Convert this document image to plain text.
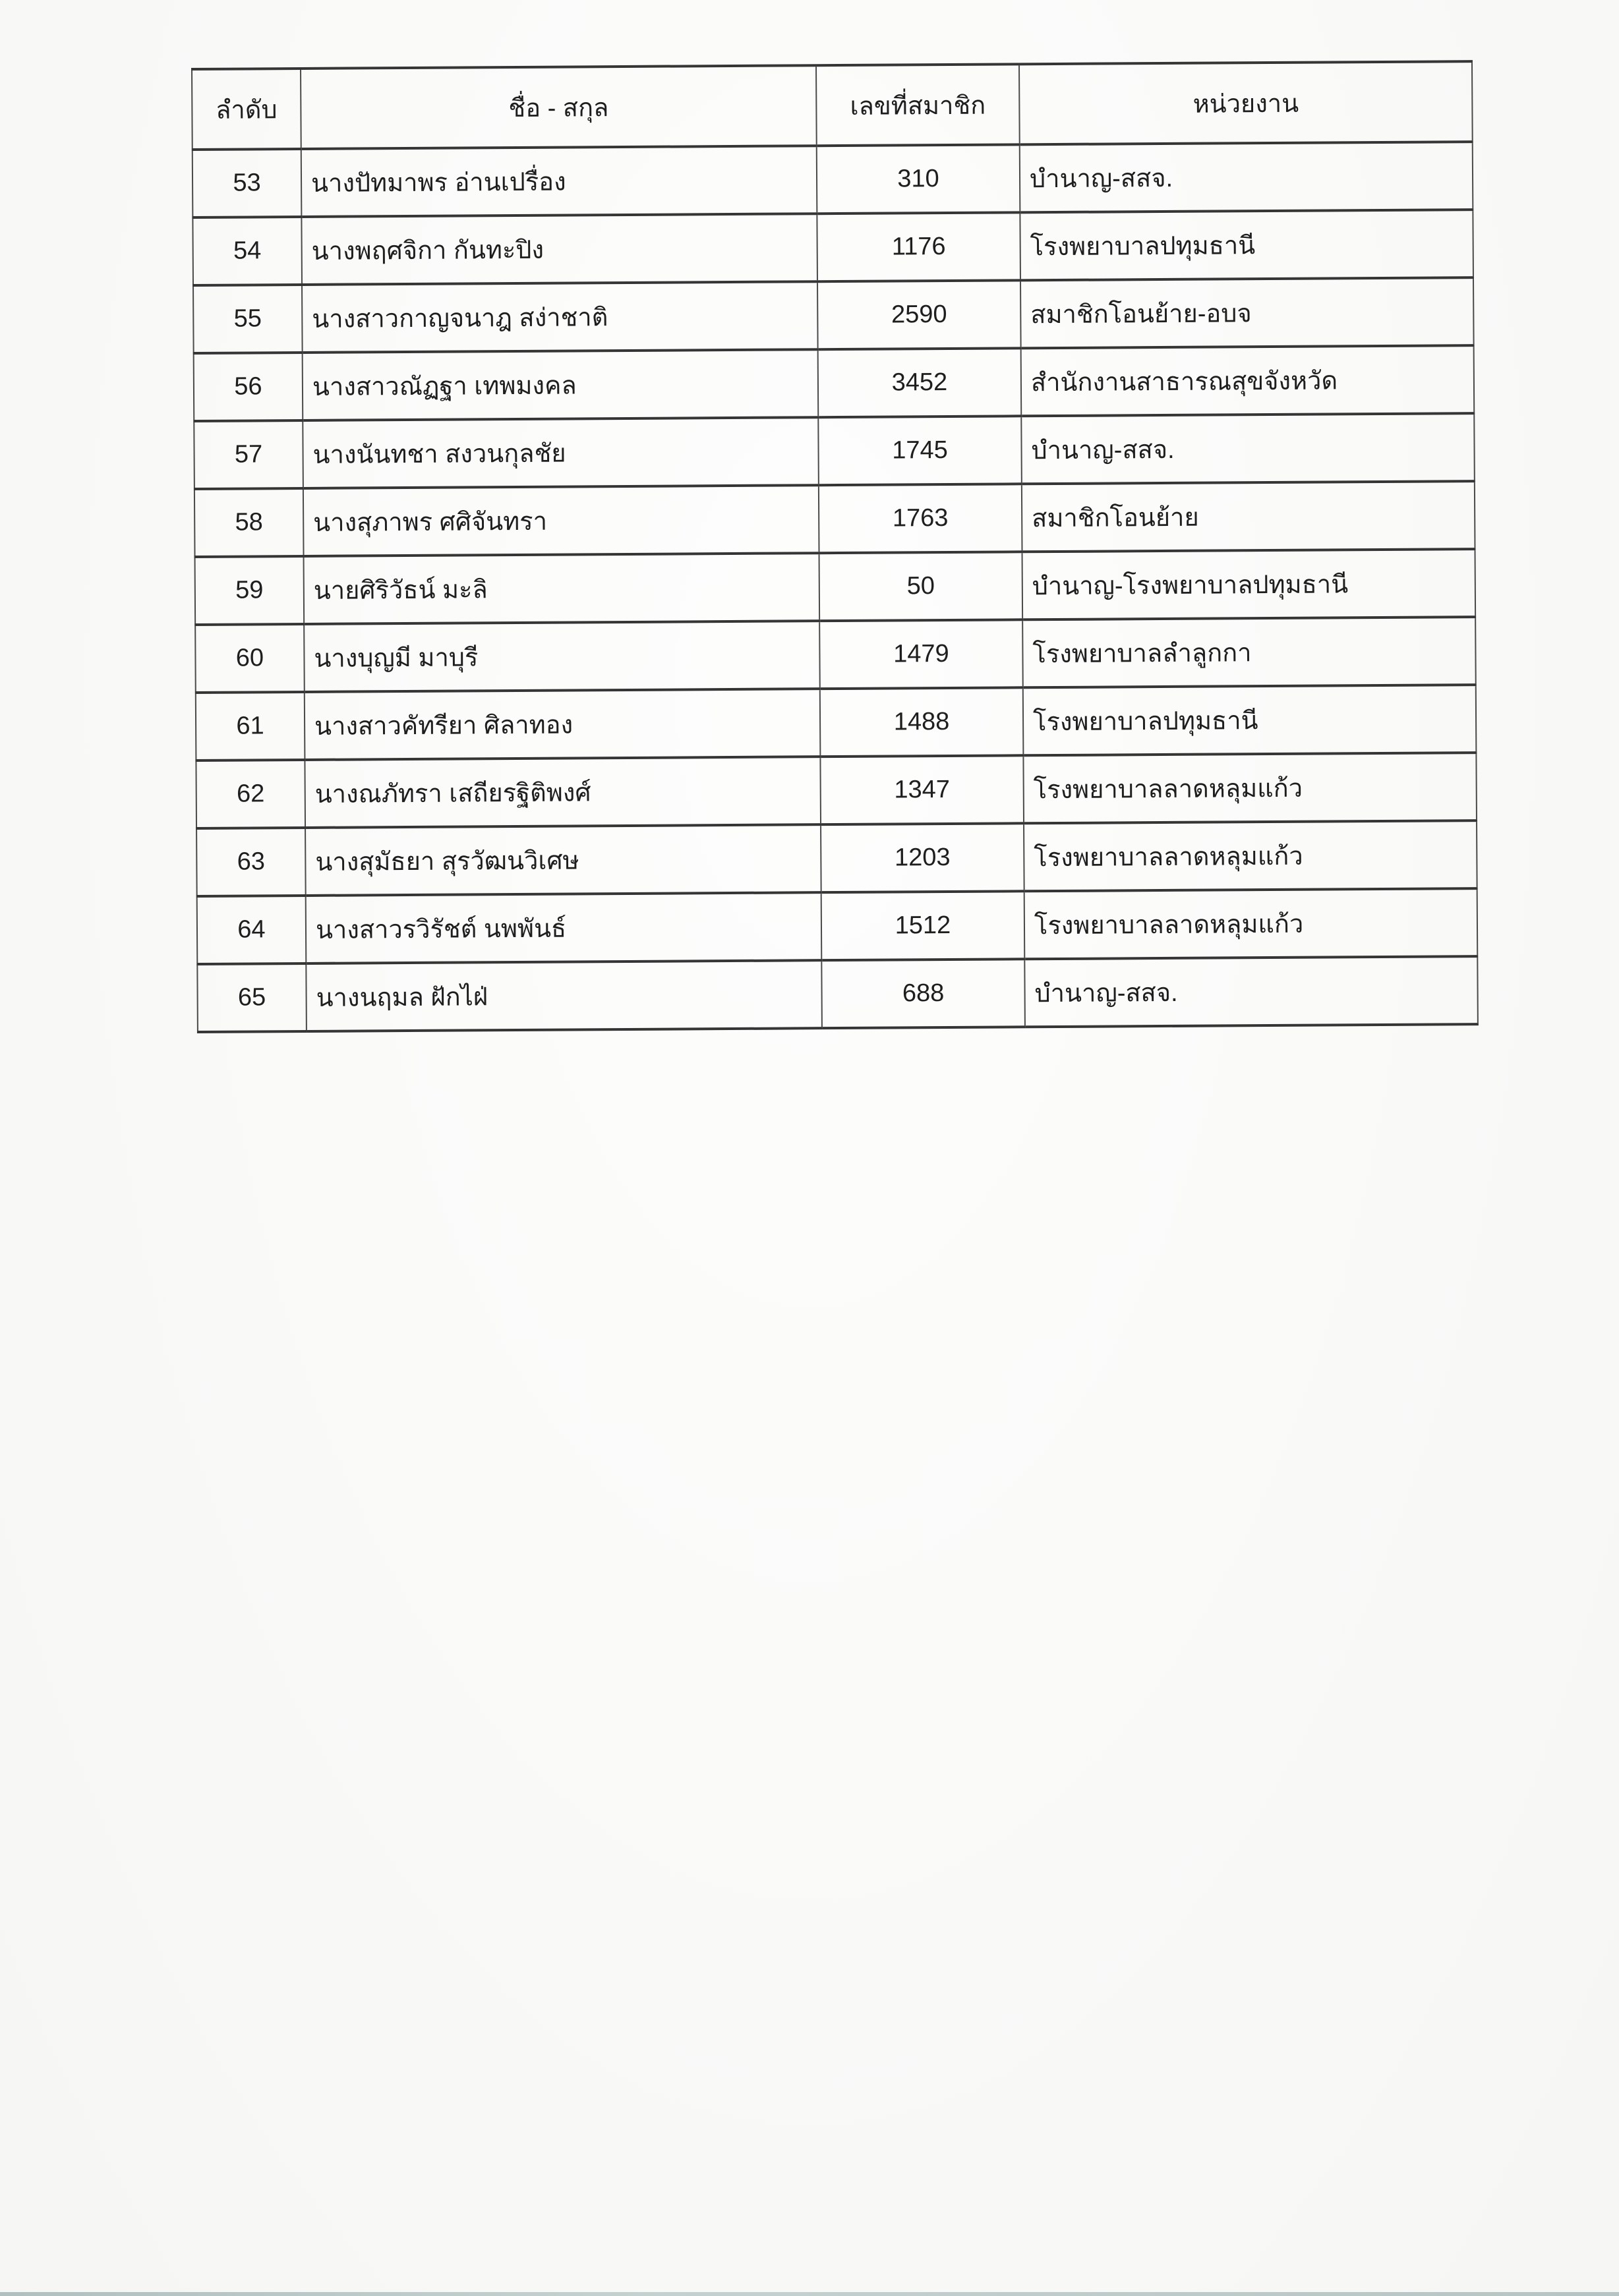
ลำดับ	ชื่อ - สกุล	เลขที่สมาชิก	หน่วยงาน
53	นางปัทมาพร อ่านเปรื่อง	310	บำนาญ-สสจ.
54	นางพฤศจิกา กันทะปิง	1176	โรงพยาบาลปทุมธานี
55	นางสาวกาญจนาฎ สง่าชาติ	2590	สมาชิกโอนย้าย-อบจ
56	นางสาวณัฏฐา เทพมงคล	3452	สำนักงานสาธารณสุขจังหวัด
57	นางนันทชา สงวนกุลชัย	1745	บำนาญ-สสจ.
58	นางสุภาพร ศศิจันทรา	1763	สมาชิกโอนย้าย
59	นายศิริวัธน์ มะลิ	50	บำนาญ-โรงพยาบาลปทุมธานี
60	นางบุญมี มาบุรี	1479	โรงพยาบาลลำลูกกา
61	นางสาวคัทรียา ศิลาทอง	1488	โรงพยาบาลปทุมธานี
62	นางณภัทรา เสถียรฐิติพงศ์	1347	โรงพยาบาลลาดหลุมแก้ว
63	นางสุมัธยา สุรวัฒนวิเศษ	1203	โรงพยาบาลลาดหลุมแก้ว
64	นางสาวรวิรัชต์ นพพันธ์	1512	โรงพยาบาลลาดหลุมแก้ว
65	นางนฤมล ฝักไฝ่	688	บำนาญ-สสจ.
